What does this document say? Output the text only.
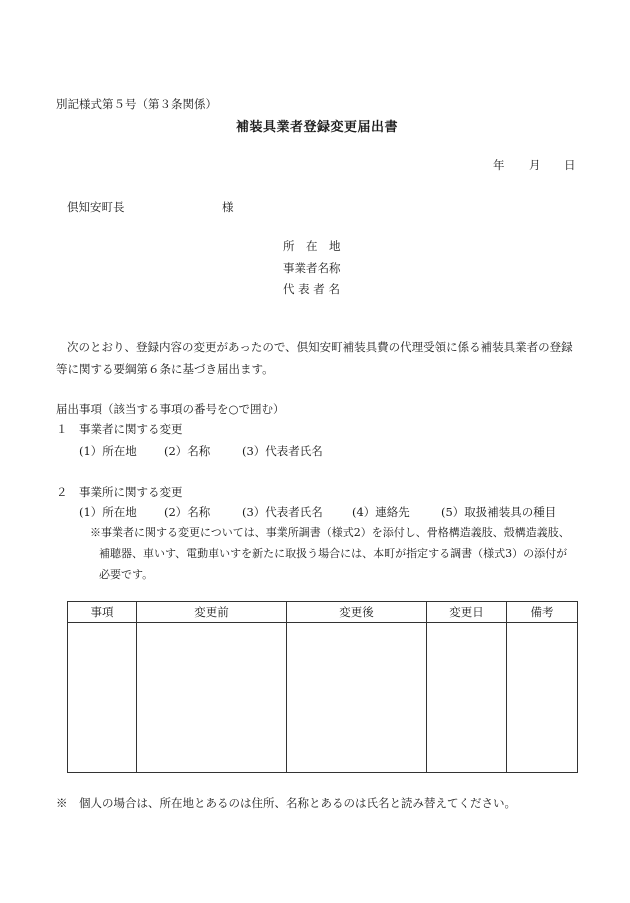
別記様式第５号（第３条関係）
補装具業者登録変更届出書
年 月 日
倶知安町長	様
所　在　地
事業者名称
代 表 者 名
次のとおり、登録内容の変更があったので、倶知安町補装具費の代理受領に係る補装具業者の登録等に関する要綱第６条に基づき届出ます。
届出事項（該当する事項の番号を○で囲む）
１　事業者に関する変更
(1）所在地 (2）名称	(3）代表者氏名
２　事業所に関する変更
(1）所在地 (2）名称	(3）代表者氏名	(4）連絡先	(5）取扱補装具の種目
※事業者に関する変更については、事業所調書（様式2）を添付し、骨格構造義肢、殻構造義肢、
補聴器、車いす、電動車いすを新たに取扱う場合には、本町が指定する調書（様式3）の添付が
必要です。
事項	変更前	変更後	変更日	備考

※　個人の場合は、所在地とあるのは住所、名称とあるのは氏名と読み替えてください。
